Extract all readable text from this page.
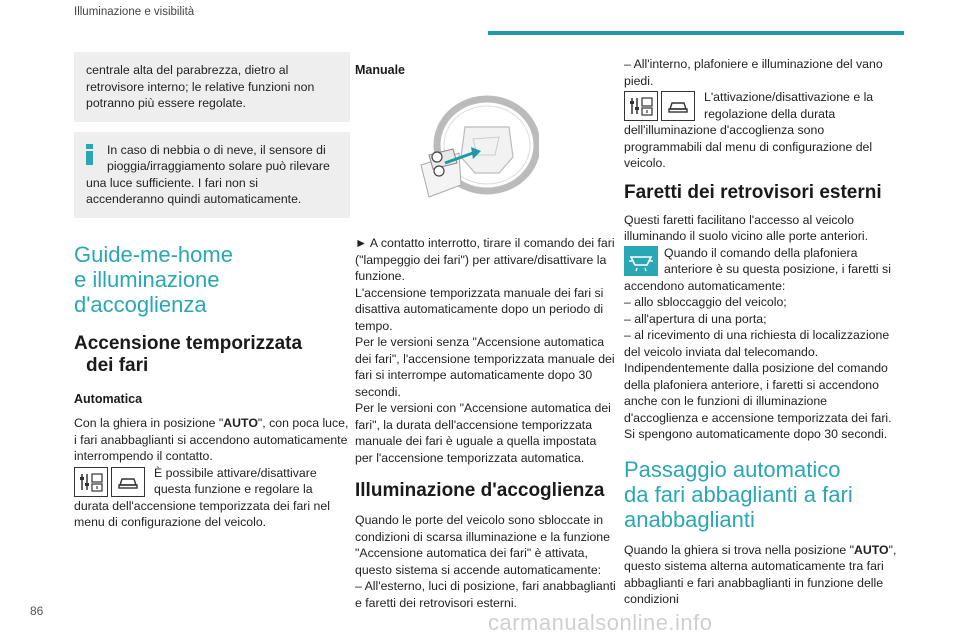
Illuminazione e visibilità

centrale alta del parabrezza, dietro al retrovisore interno; le relative funzioni non potranno più essere regolate.

In caso di nebbia o di neve, il sensore di pioggia/irraggiamento solare può rilevare

una luce sufficiente. I fari non si accenderanno quindi automaticamente.

Guide-me-home
e illuminazione
d'accoglienza
Accensione temporizzata
dei fari

Automatica

Con la ghiera in posizione "AUTO", con poca luce, i fari anabbaglianti si accendono automaticamente interrompendo il contatto.

È possibile attivare/disattivare questa funzione e regolare la durata dell'accensione temporizzata dei fari nel menu di configurazione del veicolo.

Manuale

► A contatto interrotto, tirare il comando dei fari ("lampeggio dei fari") per attivare/disattivare la funzione.

L'accensione temporizzata manuale dei fari si disattiva automaticamente dopo un periodo di tempo.

Per le versioni senza "Accensione automatica dei fari", l'accensione temporizzata manuale dei fari si interrompe automaticamente dopo 30 secondi.

Per le versioni con "Accensione automatica dei fari", la durata dell'accensione temporizzata manuale dei fari è uguale a quella impostata per l'accensione temporizzata automatica.

Illuminazione d'accoglienza

Quando le porte del veicolo sono sbloccate in condizioni di scarsa illuminazione e la funzione "Accensione automatica dei fari" è attivata, questo sistema si accende automaticamente:

– All'esterno, luci di posizione, fari anabbaglianti e faretti dei retrovisori esterni.

– All'interno, plafoniere e illuminazione del vano piedi.

L'attivazione/disattivazione e la regolazione della durata dell'illuminazione d'accoglienza sono programmabili dal menu di configurazione del veicolo.

Faretti dei retrovisori esterni

Questi faretti facilitano l'accesso al veicolo illuminando il suolo vicino alle porte anteriori.

Quando il comando della plafoniera anteriore è su questa posizione, i faretti si accendono automaticamente:

– allo sbloccaggio del veicolo;

– all'apertura di una porta;

– al ricevimento di una richiesta di localizzazione del veicolo inviata dal telecomando.

Indipendentemente dalla posizione del comando della plafoniera anteriore, i faretti si accendono anche con le funzioni di illuminazione d'accoglienza e accensione temporizzata dei fari. Si spengono automaticamente dopo 30 secondi.

Passaggio automatico
da fari abbaglianti a fari
anabbaglianti

Quando la ghiera si trova nella posizione "AUTO", questo sistema alterna automaticamente tra fari abbaglianti e fari anabbaglianti in funzione delle condizioni

86	carmanualsonline.info
